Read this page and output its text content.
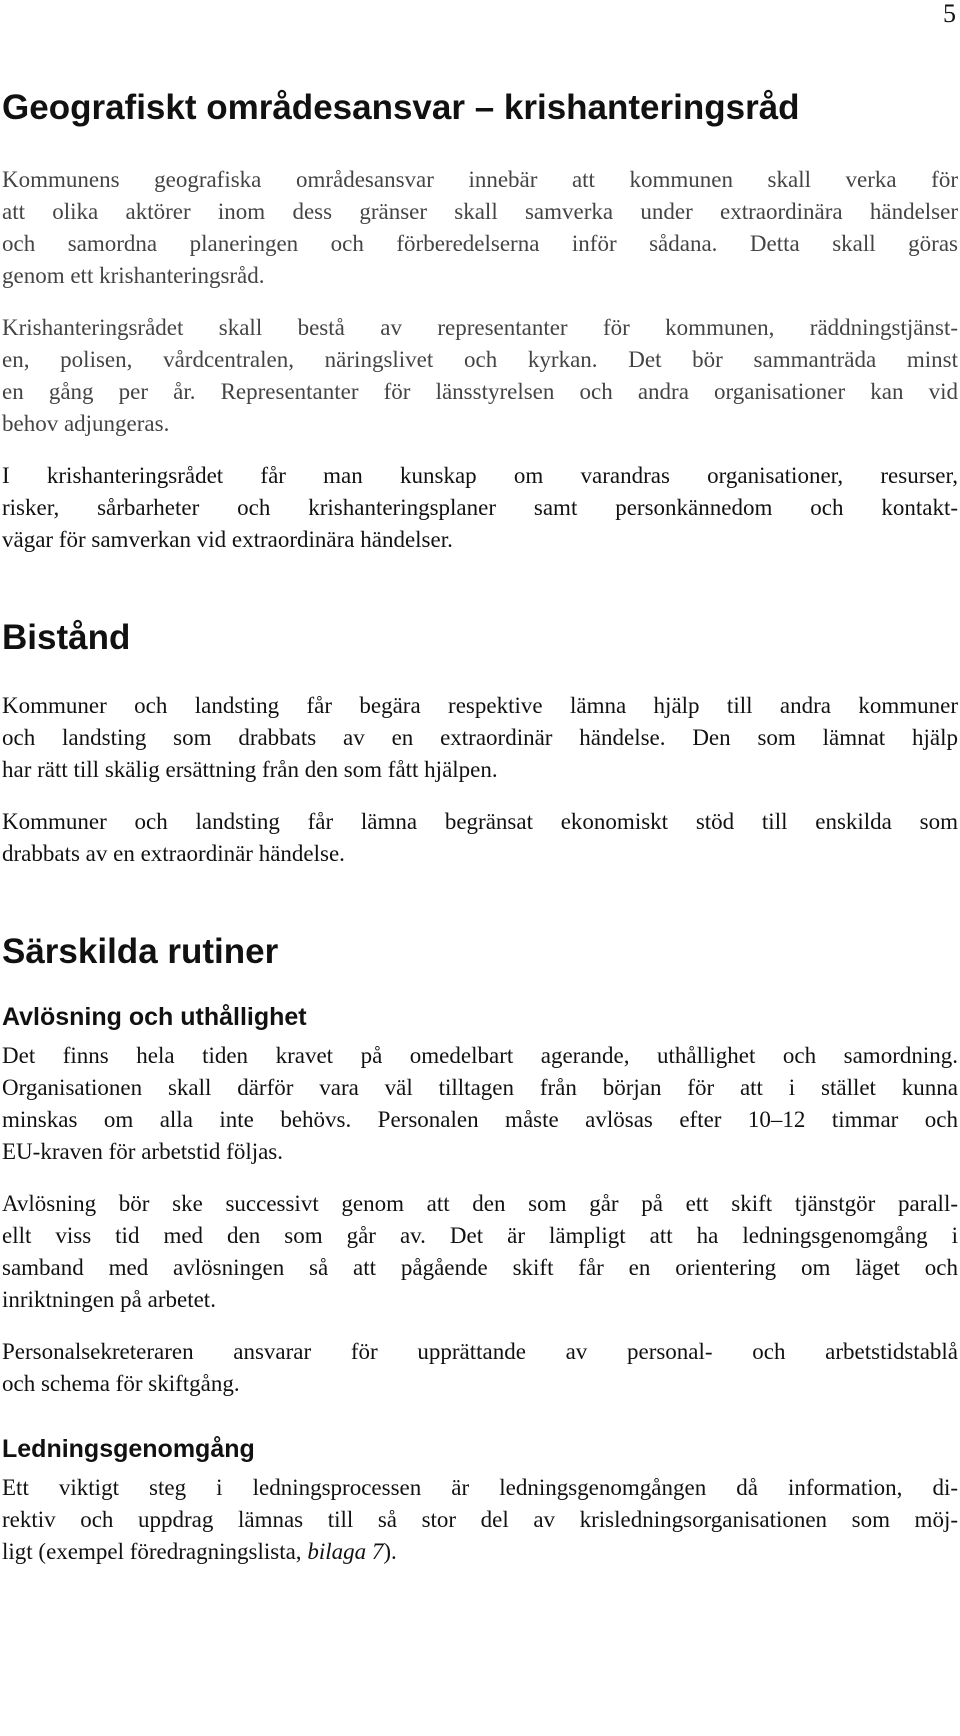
5
Geografiskt områdesansvar – krishanteringsråd
Kommunens geografiska områdesansvar innebär att kommunen skall verka för
att olika aktörer inom dess gränser skall samverka under extraordinära händelser
och samordna planeringen och förberedelserna inför sådana. Detta skall göras
genom ett krishanteringsråd.
Krishanteringsrådet skall bestå av representanter för kommunen, räddningstjänst-
en, polisen, vårdcentralen, näringslivet och kyrkan. Det bör sammanträda minst
en gång per år. Representanter för länsstyrelsen och andra organisationer kan vid
behov adjungeras.
I krishanteringsrådet får man kunskap om varandras organisationer, resurser,
risker, sårbarheter och krishanteringsplaner samt personkännedom och kontakt-
vägar för samverkan vid extraordinära händelser.
Bistånd
Kommuner och landsting får begära respektive lämna hjälp till andra kommuner
och landsting som drabbats av en extraordinär händelse. Den som lämnat hjälp
har rätt till skälig ersättning från den som fått hjälpen.
Kommuner och landsting får lämna begränsat ekonomiskt stöd till enskilda som
drabbats av en extraordinär händelse.
Särskilda rutiner
Avlösning och uthållighet
Det finns hela tiden kravet på omedelbart agerande, uthållighet och samordning.
Organisationen skall därför vara väl tilltagen från början för att i stället kunna
minskas om alla inte behövs. Personalen måste avlösas efter 10–12 timmar och
EU-kraven för arbetstid följas.
Avlösning bör ske successivt genom att den som går på ett skift tjänstgör parall-
ellt viss tid med den som går av. Det är lämpligt att ha ledningsgenomgång i
samband med avlösningen så att pågående skift får en orientering om läget och
inriktningen på arbetet.
Personalsekreteraren ansvarar för upprättande av personal- och arbetstidstablå
och schema för skiftgång.
Ledningsgenomgång
Ett viktigt steg i ledningsprocessen är ledningsgenomgången då information, di-
rektiv och uppdrag lämnas till så stor del av krisledningsorganisationen som möj-
ligt (exempel föredragningslista, bilaga 7).
